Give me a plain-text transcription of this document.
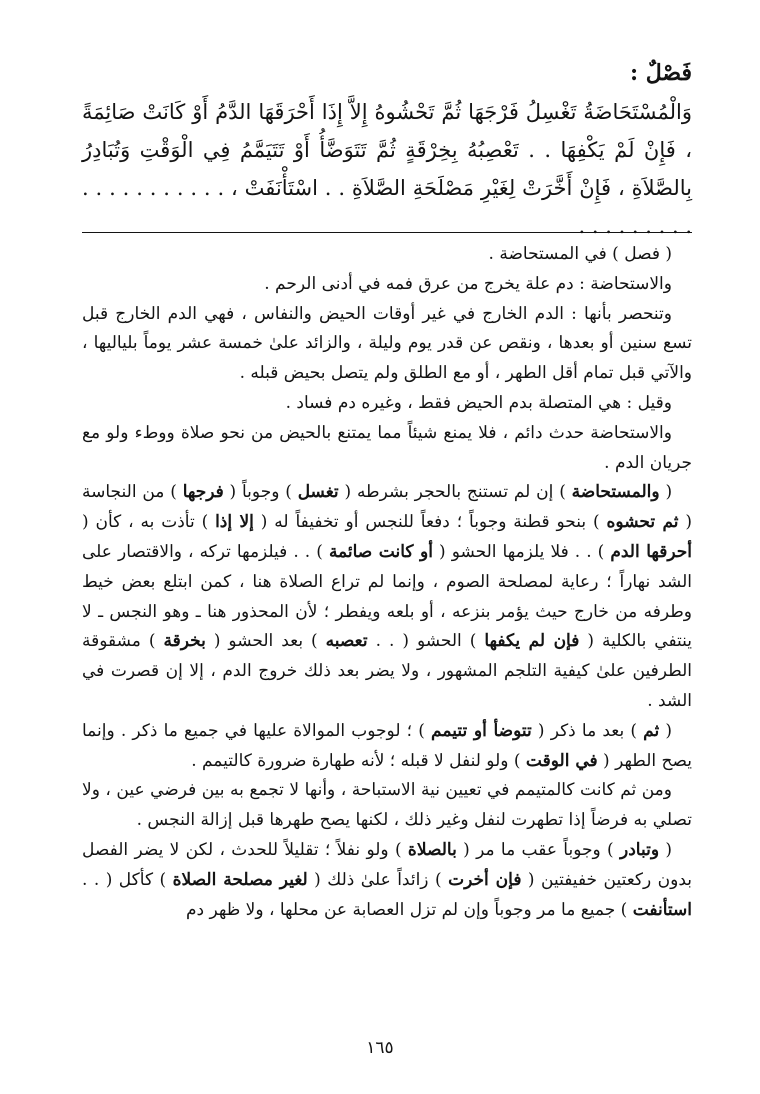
فَصْلٌ :
وَالْمُسْتَحَاضَةُ تَغْسِلُ فَرْجَهَا ثُمَّ تَحْشُوهُ إِلاَّ إِذَا أَحْرَقَهَا الدَّمُ أَوْ كَانَتْ صَائِمَةً ، فَإِنْ لَمْ يَكْفِهَا . . تَعْصِبُهُ بِخِرْقَةٍ ثُمَّ تَتَوَضَّأُ أَوْ تَتَيَمَّمُ فِي الْوَقْتِ وَتُبَادِرُ بِالصَّلاَةِ ، فَإِنْ أَخَّرَتْ لِغَيْرِ مَصْلَحَةِ الصَّلاَةِ . . اسْتَأْنَفَتْ ، . . . . . . . . . . . . . . . . . . . .

( فصل ) في المستحاضة .

والاستحاضة : دم علة يخرج من عرق فمه في أدنى الرحم .

وتنحصر بأنها : الدم الخارج في غير أوقات الحيض والنفاس ، فهي الدم الخارج قبل تسع سنين أو بعدها ، ونقص عن قدر يوم وليلة ، والزائد علىٰ خمسة عشر يوماً بلياليها ، والآتي قبل تمام أقل الطهر ، أو مع الطلق ولم يتصل بحيض قبله .

وقيل : هي المتصلة بدم الحيض فقط ، وغيره دم فساد .

والاستحاضة حدث دائم ، فلا يمنع شيئاً مما يمتنع بالحيض من نحو صلاة ووطء ولو مع جريان الدم .

( والمستحاضة ) إن لم تستنج بالحجر بشرطه ( تغسل ) وجوباً ( فرجها ) من النجاسة ( ثم تحشوه ) بنحو قطنة وجوباً ؛ دفعاً للنجس أو تخفيفاً له ( إلا إذا ) تأذت به ، كأن ( أحرقها الدم ) . . فلا يلزمها الحشو ( أو كانت صائمة ) . . فيلزمها تركه ، والاقتصار على الشد نهاراً ؛ رعاية لمصلحة الصوم ، وإنما لم تراع الصلاة هنا ، كمن ابتلع بعض خيط وطرفه من خارج حيث يؤمر بنزعه ، أو بلعه ويفطر ؛ لأن المحذور هنا ـ وهو النجس ـ لا ينتفي بالكلية ( فإن لم يكفها ) الحشو ( . . تعصبه ) بعد الحشو ( بخرقة ) مشقوقة الطرفين علىٰ كيفية التلجم المشهور ، ولا يضر بعد ذلك خروج الدم ، إلا إن قصرت في الشد .

( ثم ) بعد ما ذكر ( تتوضأ أو تتيمم ) ؛ لوجوب الموالاة عليها في جميع ما ذكر . وإنما يصح الطهر ( في الوقت ) ولو لنفل لا قبله ؛ لأنه طهارة ضرورة كالتيمم .

ومن ثم كانت كالمتيمم في تعيين نية الاستباحة ، وأنها لا تجمع به بين فرضي عين ، ولا تصلي به فرضاً إذا تطهرت لنفل وغير ذلك ، لكنها يصح طهرها قبل إزالة النجس .

( وتبادر ) وجوباً عقب ما مر ( بالصلاة ) ولو نفلاً ؛ تقليلاً للحدث ، لكن لا يضر الفصل بدون ركعتين خفيفتين ( فإن أخرت ) زائداً علىٰ ذلك ( لغير مصلحة الصلاة ) كأكل ( . . استأنفت ) جميع ما مر وجوباً وإن لم تزل العصابة عن محلها ، ولا ظهر دم

١٦٥
